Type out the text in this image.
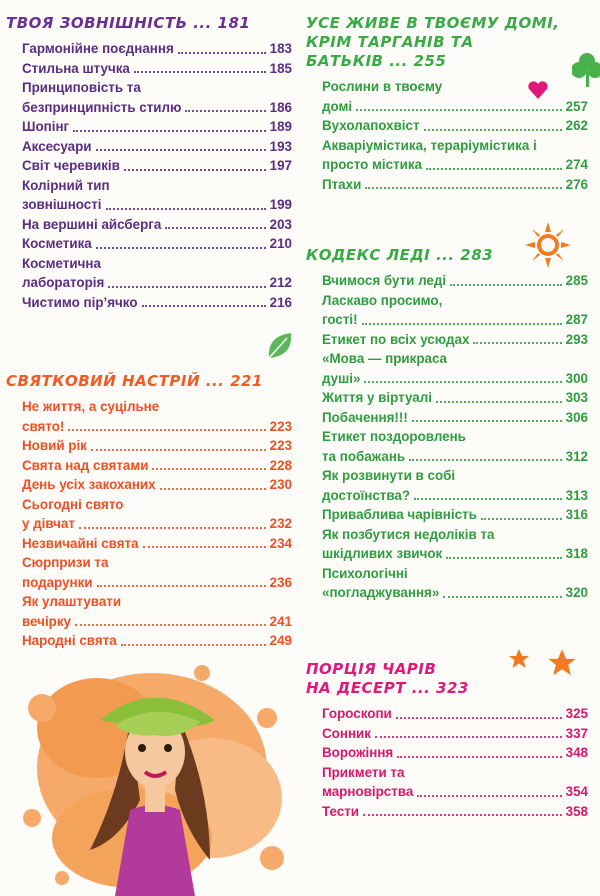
ТВОЯ ЗОВНІШНІСТЬ ... 181
Гармонійне поєднання	183
Стильна штучка	185
Принциповість та
безпринципність стилю	186
Шопінг	189
Аксесуари	193
Світ черевиків	197
Колірний тип
зовнішності	199
На вершині айсберга	203
Косметика	210
Косметична
лабораторія	212
Чистимо пір’ячко	216
СВЯТКОВИЙ НАСТРІЙ ... 221
Не життя, а суцільне
свято!	223
Новий рік	223
Свята над святами	228
День усіх закоханих	230
Сьогодні свято
у дівчат	232
Незвичайні свята	234
Сюрпризи та
подарунки	236
Як улаштувати
вечірку	241
Народні свята	249
УСЕ ЖИВЕ В ТВОЄМУ ДОМІ,
КРІМ ТАРГАНІВ ТА
БАТЬКІВ ... 255
Рослини в твоєму
домі	257
Вухолапохвіст	262
Акваріумістика, тераріумістика і
просто містика	274
Птахи	276
КОДЕКС ЛЕДІ ... 283
Вчимося бути леді	285
Ласкаво просимо,
гості!	287
Етикет по всіх усюдах	293
«Мова — прикраса
душі»	300
Життя у віртуалі	303
Побачення!!!	306
Етикет поздоровлень
та побажань	312
Як розвинути в собі
достоїнства?	313
Приваблива чарівність	316
Як позбутися недоліків та
шкідливих звичок	318
Психологічні
«погладжування»	320
ПОРЦІЯ ЧАРІВ
НА ДЕСЕРТ ... 323
Гороскопи	325
Сонник	337
Ворожіння	348
Прикмети та
марновірства	354
Тести	358
